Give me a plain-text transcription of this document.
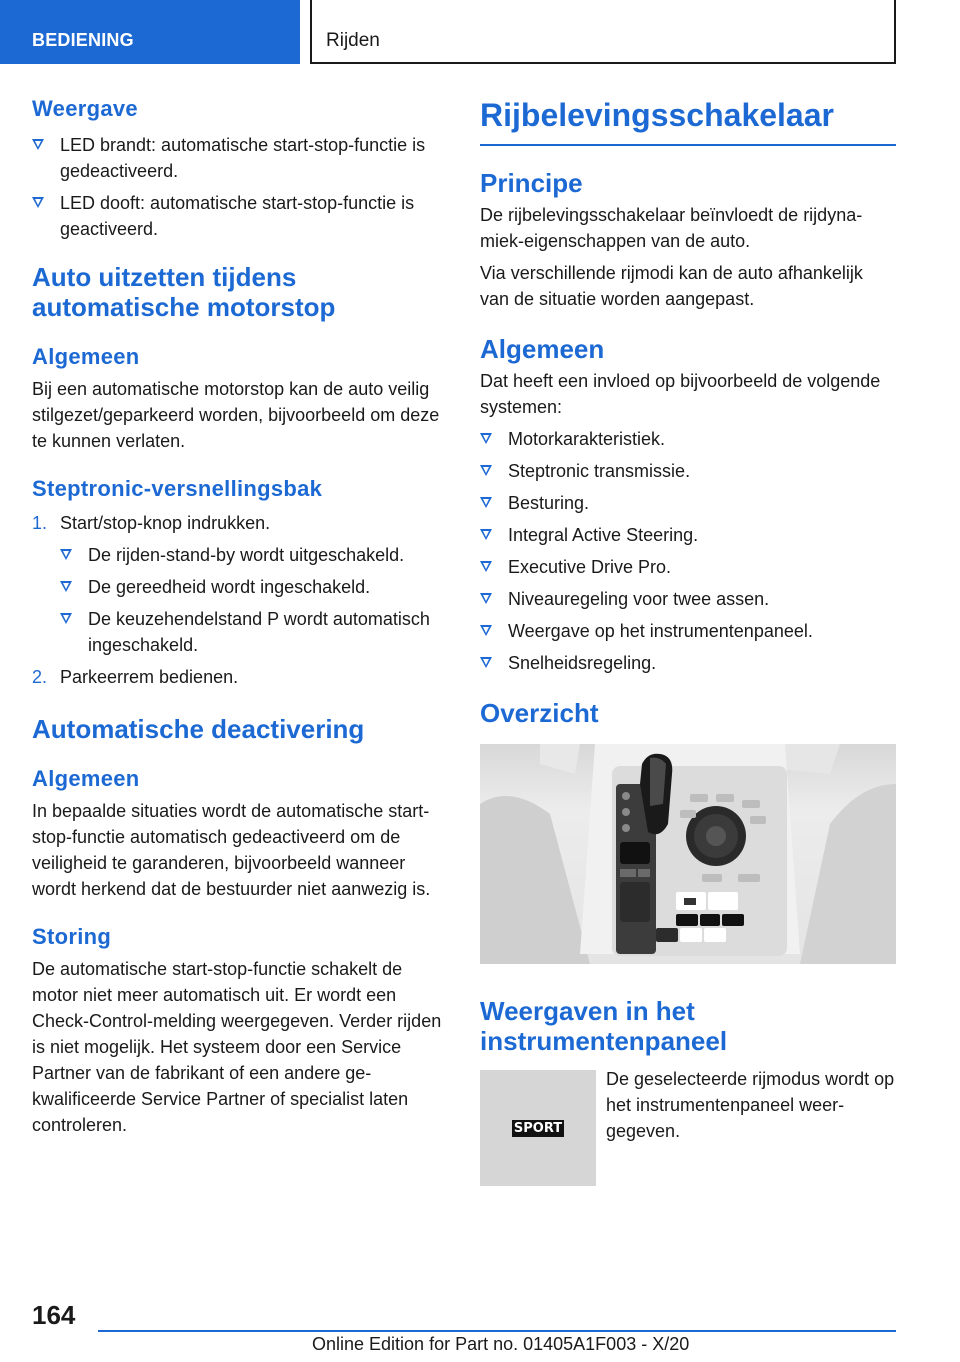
BEDIENING	Rijden
Weergave
LED brandt: automatische start-stop-functie is gedeactiveerd.
LED dooft: automatische start-stop-functie is geactiveerd.
Auto uitzetten tijdens automatische motorstop
Algemeen

Bij een automatische motorstop kan de auto veilig stilgezet/geparkeerd worden, bijvoorbeeld om deze te kunnen verlaten.

Steptronic-versnellingsbak
1. Start/stop-knop indrukken.
De rijden-stand-by wordt uitgeschakeld.
De gereedheid wordt ingeschakeld.
De keuzehendelstand P wordt automatisch ingeschakeld.
2. Parkeerrem bedienen.
Automatische deactivering
Algemeen

In bepaalde situaties wordt de automatische start-stop-functie automatisch gedeactiveerd om de veiligheid te garanderen, bijvoorbeeld wanneer wordt herkend dat de bestuurder niet aanwezig is.

Storing

De automatische start-stop-functie schakelt de motor niet meer automatisch uit. Er wordt een Check-Control-melding weergegeven. Verder rijden is niet mogelijk. Het systeem door een Service Partner van de fabrikant of een andere gekwalificeerde Service Partner of specialist laten controleren.

Rijbelevingsschakelaar
Principe

De rijbelevingsschakelaar beïnvloedt de rijdynamiek-eigenschappen van de auto.

Via verschillende rijmodi kan de auto afhankelijk van de situatie worden aangepast.

Algemeen

Dat heeft een invloed op bijvoorbeeld de volgende systemen:

Motorkarakteristiek.
Steptronic transmissie.
Besturing.
Integral Active Steering.
Executive Drive Pro.
Niveauregeling voor twee assen.
Weergave op het instrumentenpaneel.
Snelheidsregeling.
Overzicht
Weergaven in het instrumentenpaneel
SPORT

De geselecteerde rijmodus wordt op het instrumentenpaneel weergegeven.

164
Online Edition for Part no. 01405A1F003 - X/20
